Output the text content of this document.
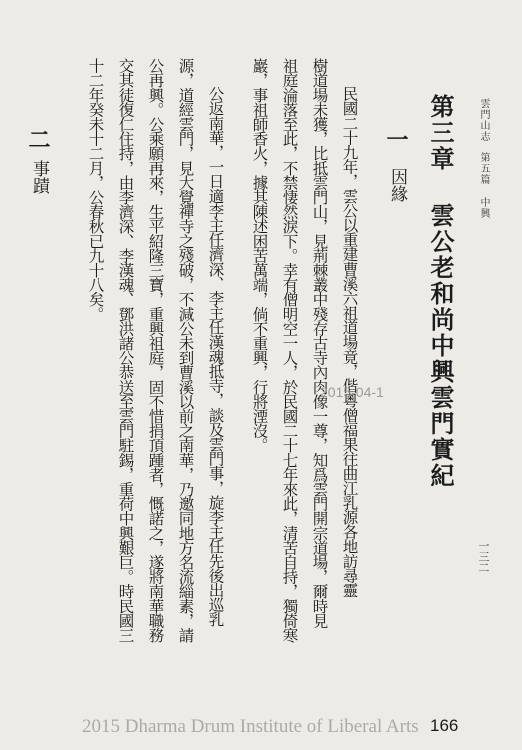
雲門山志第五篇 中興
第三章 雲公老和尚中興雲門實紀
一
因緣
民國二十九年，雲公以重建曹溪六祖道場竟，偕粵僧福果往曲江乳源各地訪尋靈
樹道場未獲，比抵雲門山，見荊棘叢中殘存古寺內肉像一尊，知爲雲門開宗道場，爾時見
祖庭淪落至此，不禁悽然淚下。幸有僧明空一人，於民國二十七年來此，清苦自持，獨倚寒
巖，事祖師香火，據其陳述困苦萬端，倘不重興，行將湮沒。
公返南華，一日適李主任濟深、李主任漢魂抵寺，談及雲門事，旋李主任先後出巡乳
源，道經雲門，見大覺禪寺之殘破，不減公未到曹溪以前之南華，乃邀同地方名流緇素，請
公再興。公乘願再來，生平紹隆三寶，重興祖庭，固不惜捐頂踵者，慨諾之，遂將南華職務
交其徒復仁住持，由李濟深、李漢魂、鄧洪諸公恭送至雲門駐錫，重荷中興艱巨。時民國三
十二年癸未十二月，公春秋已九十八矣。
二
事蹟
一三二
2015-04-1
2015 Dharma Drum Institute of Liberal Arts 166
